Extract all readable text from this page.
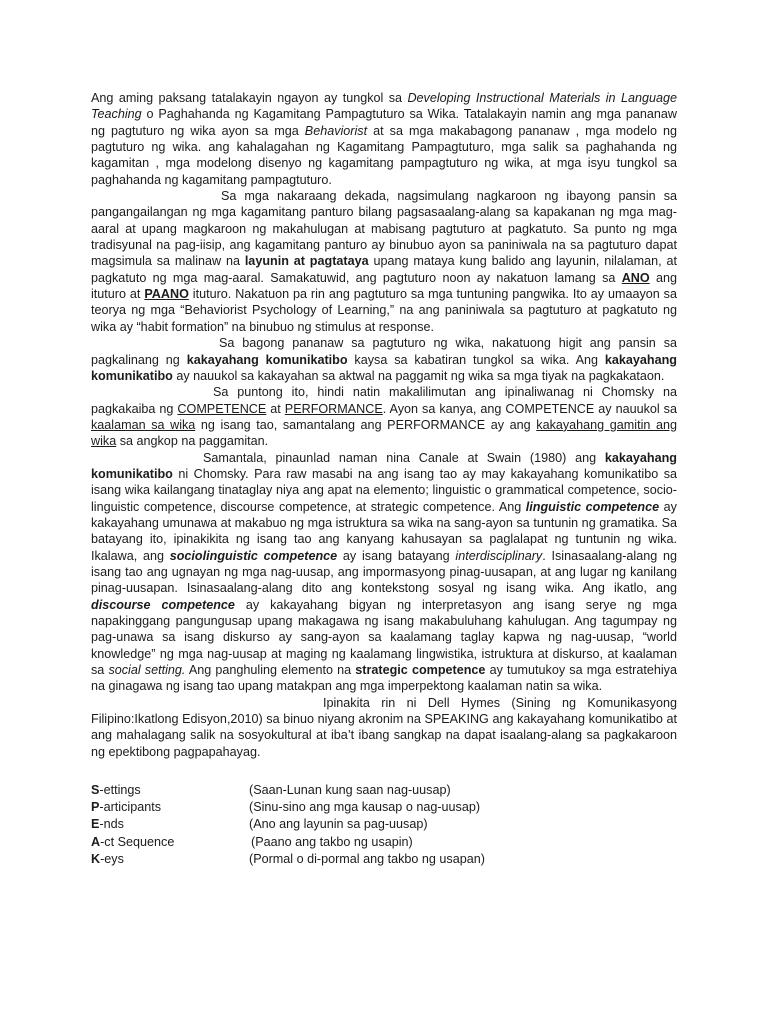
Ang aming paksang tatalakayin ngayon ay tungkol sa Developing Instructional Materials in Language Teaching o Paghahanda ng Kagamitang Pampagtuturo sa Wika. Tatalakayin namin ang mga pananaw ng pagtuturo ng wika ayon sa mga Behaviorist at sa mga makabagong pananaw , mga modelo ng pagtuturo ng wika. ang kahalagahan ng Kagamitang Pampagtuturo, mga salik sa paghahanda ng kagamitan , mga modelong disenyo ng kagamitang pampagtuturo ng wika, at mga isyu tungkol sa paghahanda ng kagamitang pampagtuturo.

Sa mga nakaraang dekada, nagsimulang nagkaroon ng ibayong pansin sa pangangailangan ng mga kagamitang panturo bilang pagsasaalang-alang sa kapakanan ng mga mag-aaral at upang magkaroon ng makahulugan at mabisang pagtuturo at pagkatuto. Sa punto ng mga tradisyunal na pag-iisip, ang kagamitang panturo ay binubuo ayon sa paniniwala na sa pagtuturo dapat magsimula sa malinaw na layunin at pagtataya upang mataya kung balido ang layunin, nilalaman, at pagkatuto ng mga mag-aaral. Samakatuwid, ang pagtuturo noon ay nakatuon lamang sa ANO ang ituturo at PAANO ituturo. Nakatuon pa rin ang pagtuturo sa mga tuntuning pangwika. Ito ay umaayon sa teorya ng mga “Behaviorist Psychology of Learning,” na ang paniniwala sa pagtuturo at pagkatuto ng wika ay “habit formation” na binubuo ng stimulus at response.

Sa bagong pananaw sa pagtuturo ng wika, nakatuong higit ang pansin sa pagkalinang ng kakayahang komunikatibo kaysa sa kabatiran tungkol sa wika. Ang kakayahang komunikatibo ay nauukol sa kakayahan sa aktwal na paggamit ng wika sa mga tiyak na pagkakataon.

Sa puntong ito, hindi natin makalilimutan ang ipinaliwanag ni Chomsky na pagkakaiba ng COMPETENCE at PERFORMANCE. Ayon sa kanya, ang COMPETENCE ay nauukol sa kaalaman sa wika ng isang tao, samantalang ang PERFORMANCE ay ang kakayahang gamitin ang wika sa angkop na paggamitan.

Samantala, pinaunlad naman nina Canale at Swain (1980) ang kakayahang komunikatibo ni Chomsky. Para raw masabi na ang isang tao ay may kakayahang komunikatibo sa isang wika kailangang tinataglay niya ang apat na elemento; linguistic o grammatical competence, socio-linguistic competence, discourse competence, at strategic competence. Ang linguistic competence ay kakayahang umunawa at makabuo ng mga istruktura sa wika na sang-ayon sa tuntunin ng gramatika. Sa batayang ito, ipinakikita ng isang tao ang kanyang kahusayan sa paglalapat ng tuntunin ng wika. Ikalawa, ang sociolinguistic competence ay isang batayang interdisciplinary. Isinasaalang-alang ng isang tao ang ugnayan ng mga nag-uusap, ang impormasyong pinag-uusapan, at ang lugar ng kanilang pinag-uusapan. Isinasaalang-alang dito ang kontekstong sosyal ng isang wika. Ang ikatlo, ang discourse competence ay kakayahang bigyan ng interpretasyon ang isang serye ng mga napakinggang pangungusap upang makagawa ng isang makabuluhang kahulugan. Ang tagumpay ng pag-unawa sa isang diskurso ay sang-ayon sa kaalamang taglay kapwa ng nag-uusap, “world knowledge” ng mga nag-uusap at maging ng kaalamang lingwistika, istruktura at diskurso, at kaalaman sa social setting. Ang panghuling elemento na strategic competence ay tumutukoy sa mga estratehiya na ginagawa ng isang tao upang matakpan ang mga imperpektong kaalaman natin sa wika.

Ipinakita rin ni Dell Hymes (Sining ng Komunikasyong Filipino:Ikatlong Edisyon,2010) sa binuo niyang akronim na SPEAKING ang kakayahang komunikatibo at ang mahalagang salik na sosyokultural at iba’t ibang sangkap na dapat isaalang-alang sa pagkakaroon ng epektibong pagpapahayag.

S-ettings	(Saan-Lunan kung saan nag-uusap)
P-articipants	(Sinu-sino ang mga kausap o nag-uusap)
E-nds	(Ano ang layunin sa pag-uusap)
A-ct Sequence	(Paano ang takbo ng usapin)
K-eys	(Pormal o di-pormal ang takbo ng usapan)
